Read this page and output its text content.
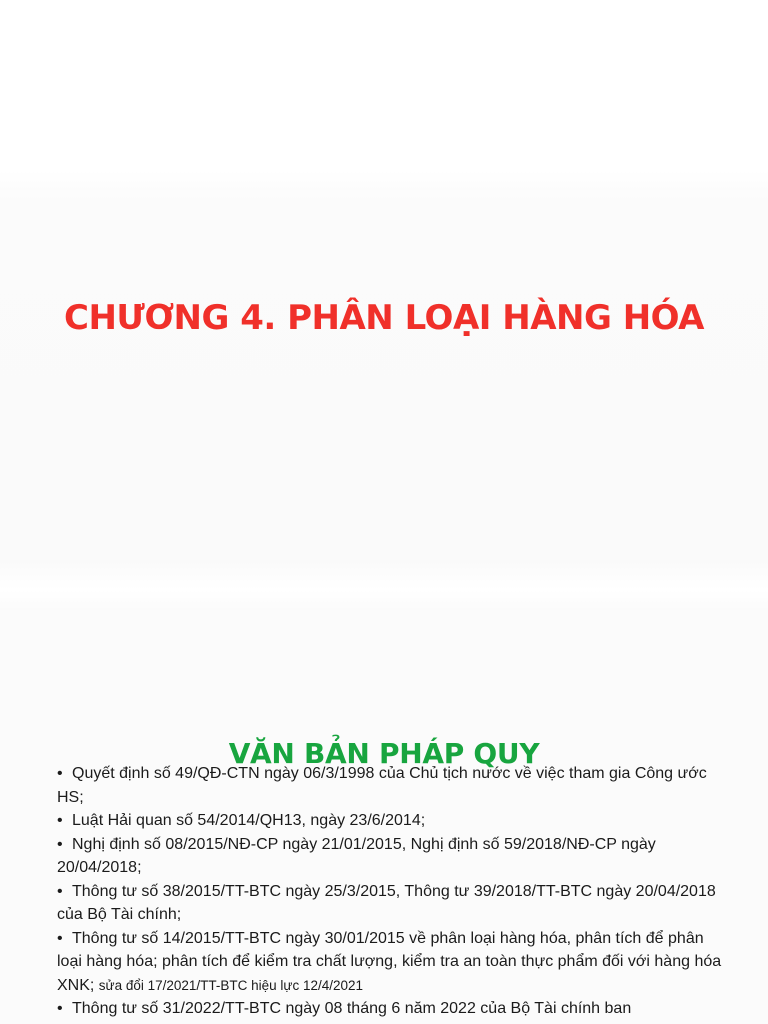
CHƯƠNG 4. PHÂN LOẠI HÀNG HÓA
VĂN BẢN PHÁP QUY
• Quyết định số 49/QĐ-CTN ngày 06/3/1998 của Chủ tịch nước về việc tham gia Công ước HS;
• Luật Hải quan số 54/2014/QH13, ngày 23/6/2014;
• Nghị định số 08/2015/NĐ-CP ngày 21/01/2015, Nghị định số 59/2018/NĐ-CP ngày 20/04/2018;
• Thông tư số 38/2015/TT-BTC ngày 25/3/2015, Thông tư 39/2018/TT-BTC ngày 20/04/2018 của Bộ Tài chính;
• Thông tư số 14/2015/TT-BTC ngày 30/01/2015 về phân loại hàng hóa, phân tích để phân loại hàng hóa; phân tích để kiểm tra chất lượng, kiểm tra an toàn thực phẩm đối với hàng hóa XNK; sửa đổi 17/2021/TT-BTC hiệu lực 12/4/2021
• Thông tư số 31/2022/TT-BTC ngày 08 tháng 6 năm 2022 của Bộ Tài chính ban
